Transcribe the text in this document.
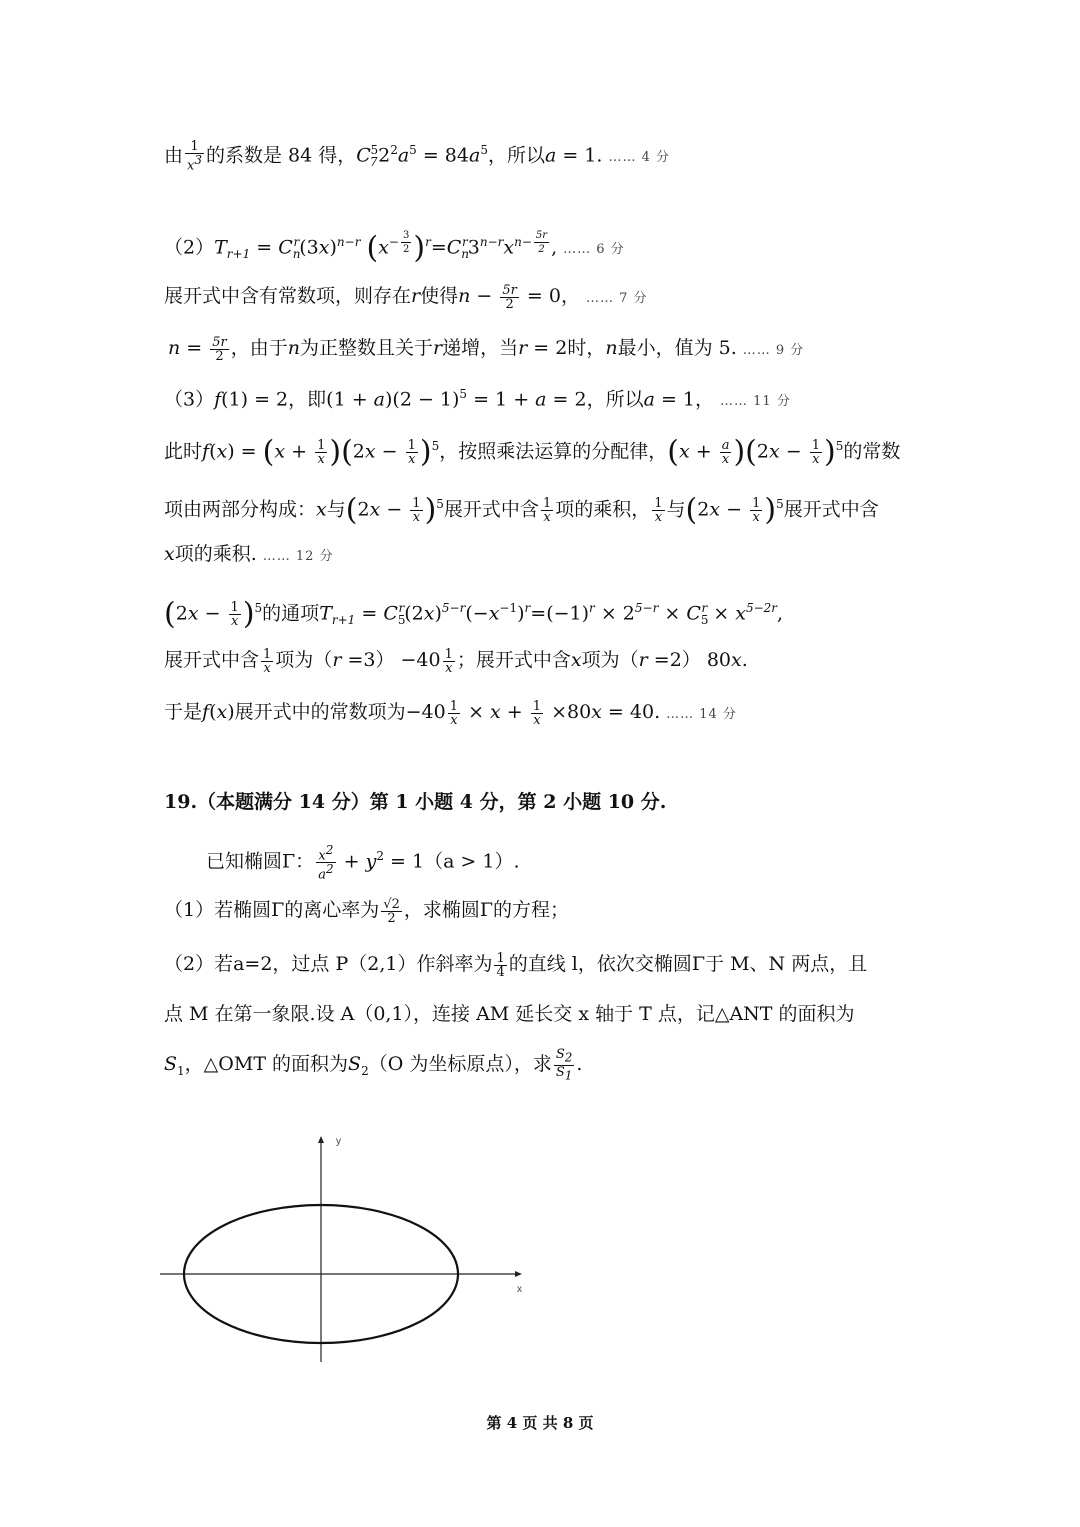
由 $\frac{1}{x^3}$ 的系数是 84 得，$C_7^52^2a^5 = 84a^5$，所以a = 1. …… 4 分
$(2)T_{r+1} = C_n^r(3x)^{n-r}$ ($x^{- \frac{3}{2}}$ )$^r=C_n^r3^{n-r}x^{n- \frac{5r}{2}}$ , …… 6 分
展开式中含有常数项，则存在r使得$n - \frac{5r}{2} = 0$， …… 7 分
$n = \frac{5r}{2}$ ，由于n为正整数且关于r递增，当r = 2时，n最小，值为 5. …… 9 分
（3）f(1) = 2，即$(1 + a)(2 - 1)^5 = 1 + a = 2$，所以a = 1， …… 11 分
此时$f(x) = (x + \frac{1}{x} )(2x - \frac{1}{x} )^5$，按照乘法运算的分配律，$(x + \frac{a}{x} )(2x - \frac{1}{x} )^5$的常数
项由两部分构成：x与$(2x - \frac{1}{x} )^5$展开式中含 $\frac{1}{x}$ 项的乘积， $\frac{1}{x}$ 与$(2x - \frac{1}{x} )^5$展开式中含
x项的乘积. …… 12 分
$(2x - \frac{1}{x} )^5$的通项$T_{r+1} = C_5^r(2x)^{5-r}(-x^{-1})^r=(-1)^r \times 2^{5-r} \times C_5^r \times x^{5-2r}$,
展开式中含 $\frac{1}{x}$ 项为$(r =3) -40 \frac{1}{x}$ ；展开式中含x项为（r =2） 80x.
于是f(x)展开式中的常数项为$-40 \frac{1}{x} \times x + \frac{1}{x} \times 80x = 40$. …… 14 分
19.（本题满分 14 分）第 1 小题 4 分，第 2 小题 10 分.
已知椭圆Γ： $\frac{x^2}{a^2} + y^2 = 1(a > 1)$.
（1）若椭圆Γ的离心率为 $\frac{√2}{2}$ ，求椭圆Γ的方程；
（2）若a=2，过点 P（2,1）作斜率为 $\frac{1}{4}$ 的直线 l，依次交椭圆Γ于 M、N 两点，且
点 M 在第一象限.设 A（0,1），连接 AM 延长交 x 轴于 T 点，记△ANT 的面积为
$S_1$，△OMT 的面积为$S_2(O$ 为坐标原点），求 $\frac{S_2}{S_1}$ .
y
x
第 4 页 共 8 页
